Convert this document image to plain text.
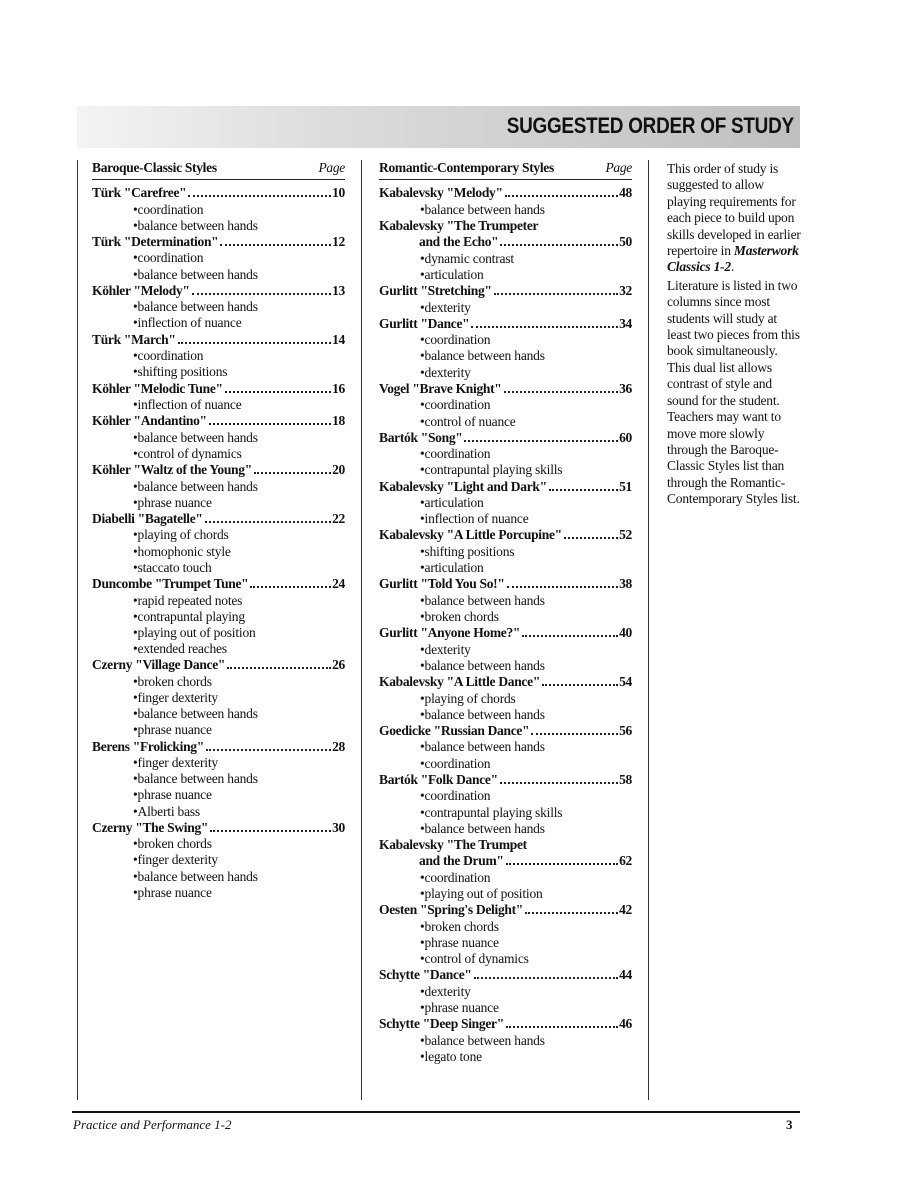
SUGGESTED ORDER OF STUDY
Baroque-Classic Styles	Page
Türk "Carefree"	10
•coordination
•balance between hands
Türk "Determination"	12
•coordination
•balance between hands
Köhler "Melody"	13
•balance between hands
•inflection of nuance
Türk "March"	14
•coordination
•shifting positions
Köhler "Melodic Tune"	16
•inflection of nuance
Köhler "Andantino"	18
•balance between hands
•control of dynamics
Köhler "Waltz of the Young"	20
•balance between hands
•phrase nuance
Diabelli "Bagatelle"	22
•playing of chords
•homophonic style
•staccato touch
Duncombe "Trumpet Tune"	24
•rapid repeated notes
•contrapuntal playing
•playing out of position
•extended reaches
Czerny "Village Dance"	26
•broken chords
•finger dexterity
•balance between hands
•phrase nuance
Berens "Frolicking"	28
•finger dexterity
•balance between hands
•phrase nuance
•Alberti bass
Czerny "The Swing"	30
•broken chords
•finger dexterity
•balance between hands
•phrase nuance
Romantic-Contemporary Styles	Page
Kabalevsky "Melody"	48
•balance between hands
Kabalevsky "The Trumpeter
and the Echo"	50
•dynamic contrast
•articulation
Gurlitt "Stretching"	32
•dexterity
Gurlitt "Dance"	34
•coordination
•balance between hands
•dexterity
Vogel "Brave Knight"	36
•coordination
•control of nuance
Bartók "Song"	60
•coordination
•contrapuntal playing skills
Kabalevsky "Light and Dark"	51
•articulation
•inflection of nuance
Kabalevsky "A Little Porcupine"	52
•shifting positions
•articulation
Gurlitt "Told You So!"	38
•balance between hands
•broken chords
Gurlitt "Anyone Home?"	40
•dexterity
•balance between hands
Kabalevsky "A Little Dance"	54
•playing of chords
•balance between hands
Goedicke "Russian Dance"	56
•balance between hands
•coordination
Bartók "Folk Dance"	58
•coordination
•contrapuntal playing skills
•balance between hands
Kabalevsky "The Trumpet
and the Drum"	62
•coordination
•playing out of position
Oesten "Spring's Delight"	42
•broken chords
•phrase nuance
•control of dynamics
Schytte "Dance"	44
•dexterity
•phrase nuance
Schytte "Deep Singer"	46
•balance between hands
•legato tone

This order of study is suggested to allow playing requirements for each piece to build upon skills developed in earlier repertoire in Masterwork Classics 1-2.

Literature is listed in two columns since most students will study at least two pieces from this book simultaneously. This dual list allows contrast of style and sound for the student. Teachers may want to move more slowly through the Baroque-Classic Styles list than through the Romantic-Contemporary Styles list.

Practice and Performance 1-2	3
